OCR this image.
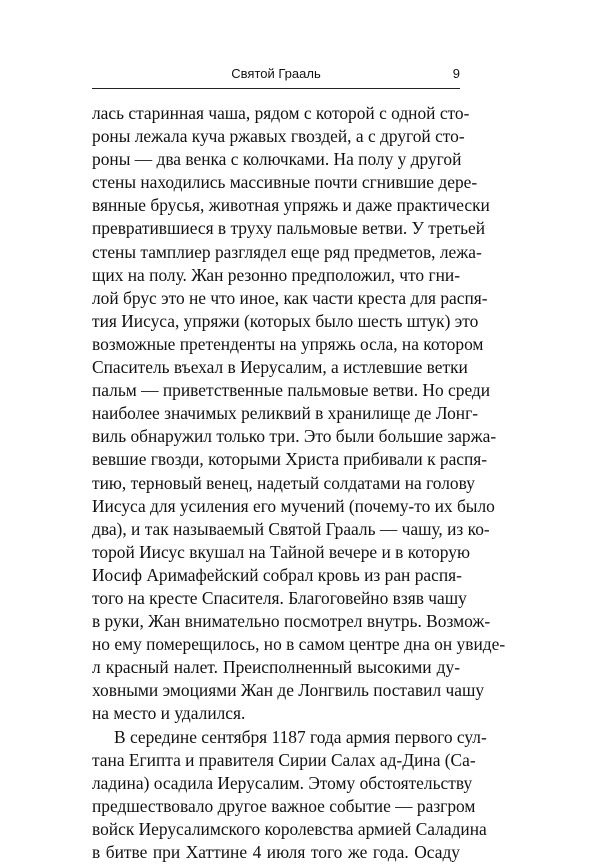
Святой Грааль	9
лась старинная чаша, рядом с которой с одной сто-
роны лежала куча ржавых гвоздей, а с другой сто-
роны — два венка с колючками. На полу у другой
стены находились массивные почти сгнившие дере-
вянные брусья, животная упряжь и даже практически
превратившиеся в труху пальмовые ветви. У третьей
стены тамплиер разглядел еще ряд предметов, лежа-
щих на полу. Жан резонно предположил, что гни-
лой брус это не что иное, как части креста для распя-
тия Иисуса, упряжи (которых было шесть штук) это
возможные претенденты на упряжь осла, на котором
Спаситель въехал в Иерусалим, а истлевшие ветки
пальм — приветственные пальмовые ветви. Но среди
наиболее значимых реликвий в хранилище де Лонг-
виль обнаружил только три. Это были большие заржа-
вевшие гвозди, которыми Христа прибивали к распя-
тию, терновый венец, надетый солдатами на голову
Иисуса для усиления его мучений (почему-то их было
два), и так называемый Святой Грааль — чашу, из ко-
торой Иисус вкушал на Тайной вечере и в которую
Иосиф Аримафейский собрал кровь из ран распя-
того на кресте Спасителя. Благоговейно взяв чашу
в руки, Жан внимательно посмотрел внутрь. Возмож-
но ему померещилось, но в самом центре дна он увиде-
л красный налет. Преисполненный высокими ду-
ховными эмоциями Жан де Лонгвиль поставил чашу
на место и удалился.
В середине сентября 1187 года армия первого сул-
тана Египта и правителя Сирии Салах ад-Дина (Са-
ладина) осадила Иерусалим. Этому обстоятельству
предшествовало другое важное событие — разгром
войск Иерусалимского королевства армией Саладина
в битве при Хаттине 4 июля того же года. Осаду
